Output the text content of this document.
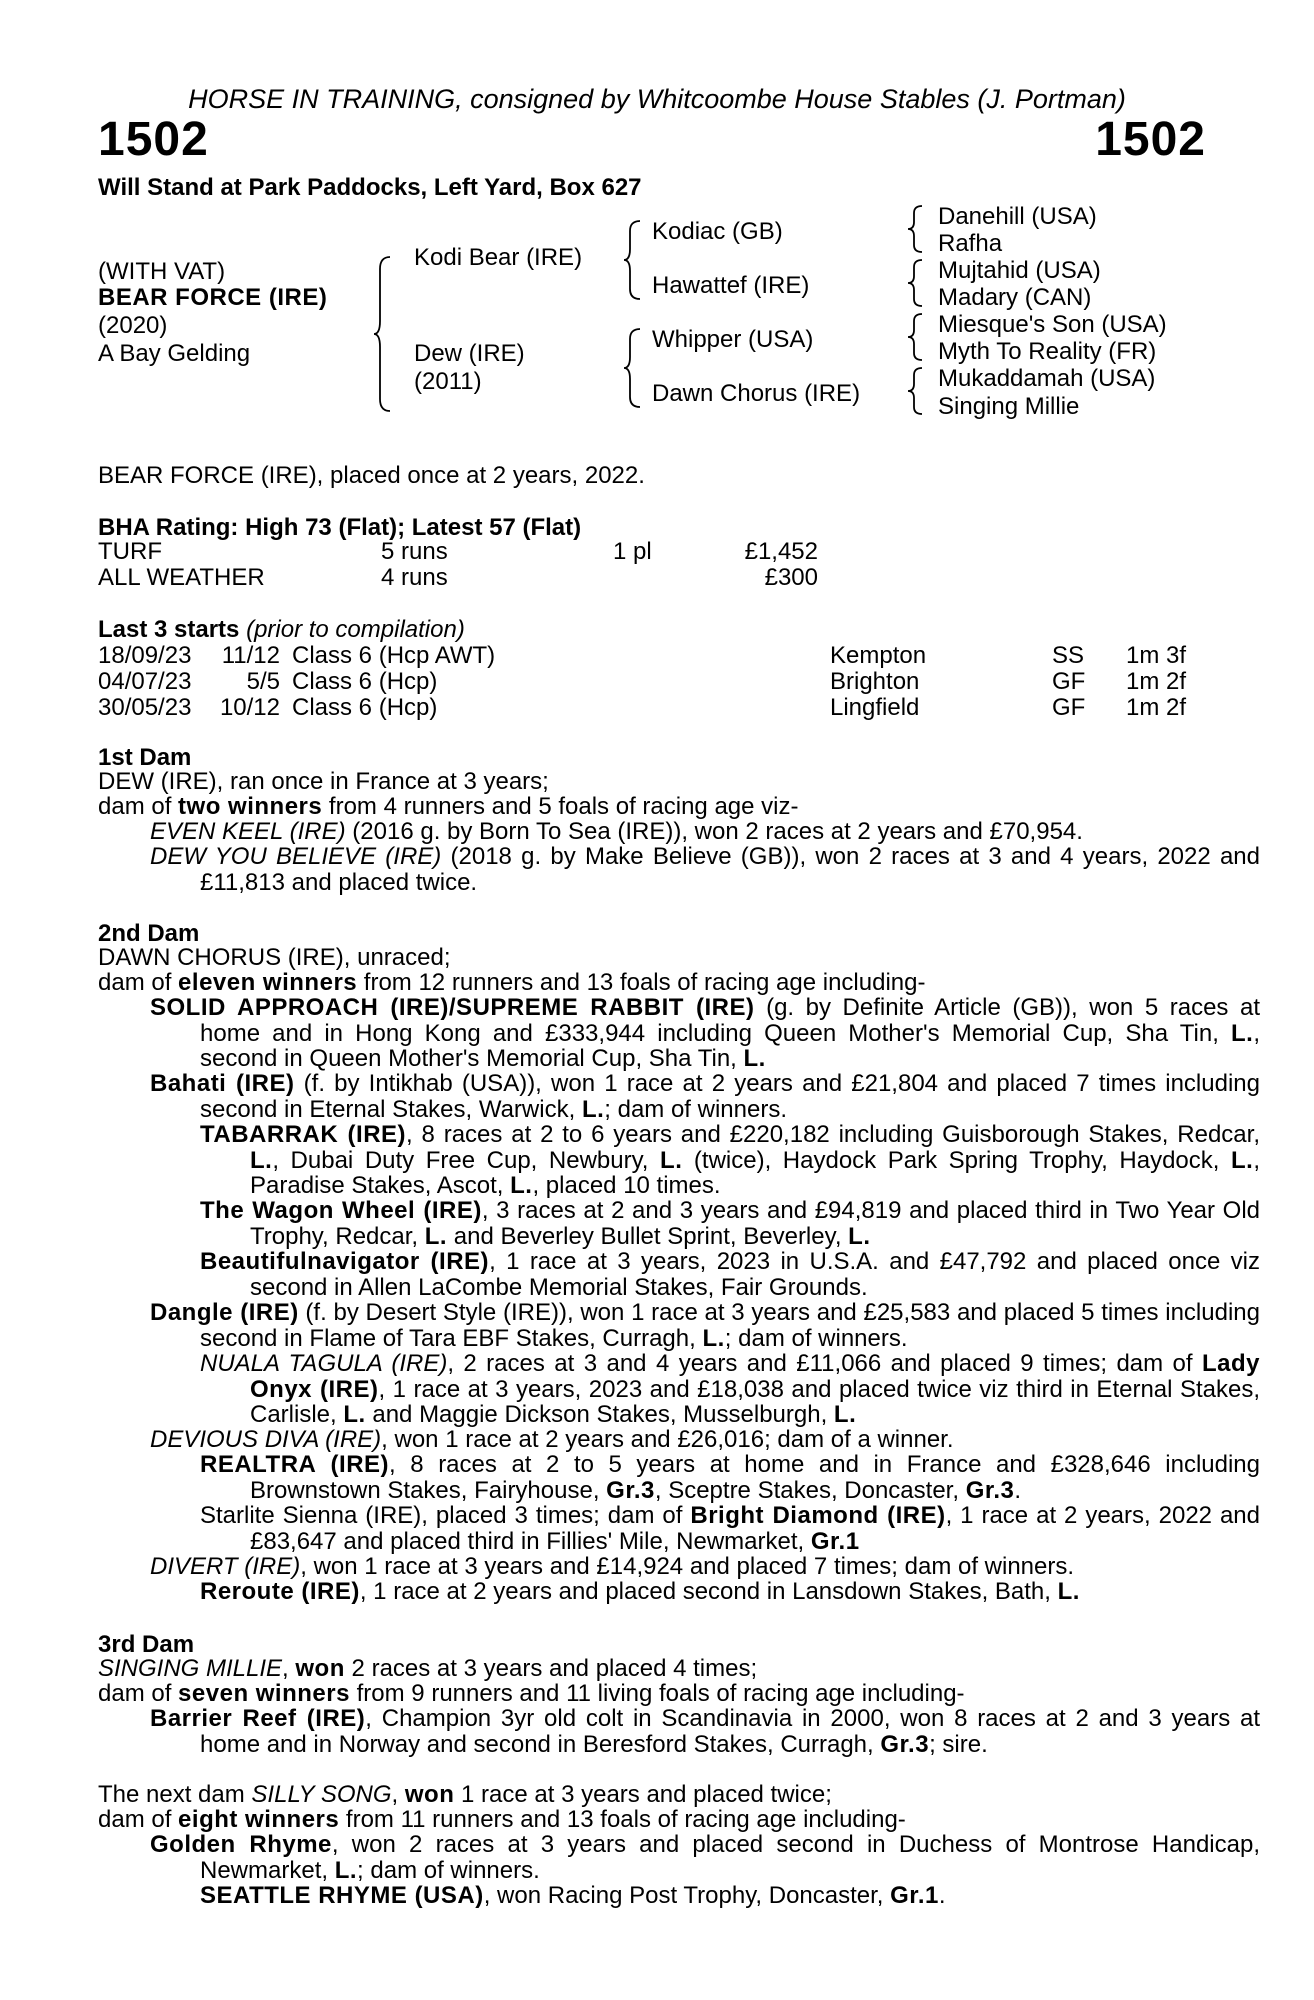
HORSE IN TRAINING, consigned by Whitcoombe House Stables (J. Portman)
1502	1502
Will Stand at Park Paddocks, Left Yard, Box 627
(WITH VAT)
BEAR FORCE (IRE)
(2020)
A Bay Gelding
Kodi Bear (IRE)
Dew (IRE)
(2011)
Kodiac (GB)
Hawattef (IRE)
Whipper (USA)
Dawn Chorus (IRE)
Danehill (USA)
Rafha
Mujtahid (USA)
Madary (CAN)
Miesque's Son (USA)
Myth To Reality (FR)
Mukaddamah (USA)
Singing Millie
BEAR FORCE (IRE), placed once at 2 years, 2022.
BHA Rating: High 73 (Flat); Latest 57 (Flat)
TURF	5 runs	1 pl	£1,452
ALL WEATHER	4 runs		£300
Last 3 starts (prior to compilation)
18/09/23	11/12	Class 6 (Hcp AWT)	Kempton	SS	1m 3f
04/07/23	5/5	Class 6 (Hcp)	Brighton	GF	1m 2f
30/05/23	10/12	Class 6 (Hcp)	Lingfield	GF	1m 2f
1st Dam
DEW (IRE), ran once in France at 3 years;
dam of two winners from 4 runners and 5 foals of racing age viz-
EVEN KEEL (IRE) (2016 g. by Born To Sea (IRE)), won 2 races at 2 years and £70,954.
DEW YOU BELIEVE (IRE) (2018 g. by Make Believe (GB)), won 2 races at 3 and 4 years, 2022 and £11,813 and placed twice.
2nd Dam
DAWN CHORUS (IRE), unraced;
dam of eleven winners from 12 runners and 13 foals of racing age including-
SOLID APPROACH (IRE)/SUPREME RABBIT (IRE) (g. by Definite Article (GB)), won 5 races at home and in Hong Kong and £333,944 including Queen Mother's Memorial Cup, Sha Tin, L., second in Queen Mother's Memorial Cup, Sha Tin, L.
Bahati (IRE) (f. by Intikhab (USA)), won 1 race at 2 years and £21,804 and placed 7 times including second in Eternal Stakes, Warwick, L.; dam of winners.
TABARRAK (IRE), 8 races at 2 to 6 years and £220,182 including Guisborough Stakes, Redcar, L., Dubai Duty Free Cup, Newbury, L. (twice), Haydock Park Spring Trophy, Haydock, L., Paradise Stakes, Ascot, L., placed 10 times.
The Wagon Wheel (IRE), 3 races at 2 and 3 years and £94,819 and placed third in Two Year Old Trophy, Redcar, L. and Beverley Bullet Sprint, Beverley, L.
Beautifulnavigator (IRE), 1 race at 3 years, 2023 in U.S.A. and £47,792 and placed once viz second in Allen LaCombe Memorial Stakes, Fair Grounds.
Dangle (IRE) (f. by Desert Style (IRE)), won 1 race at 3 years and £25,583 and placed 5 times including second in Flame of Tara EBF Stakes, Curragh, L.; dam of winners.
NUALA TAGULA (IRE), 2 races at 3 and 4 years and £11,066 and placed 9 times; dam of Lady Onyx (IRE), 1 race at 3 years, 2023 and £18,038 and placed twice viz third in Eternal Stakes, Carlisle, L. and Maggie Dickson Stakes, Musselburgh, L.
DEVIOUS DIVA (IRE), won 1 race at 2 years and £26,016; dam of a winner.
REALTRA (IRE), 8 races at 2 to 5 years at home and in France and £328,646 including Brownstown Stakes, Fairyhouse, Gr.3, Sceptre Stakes, Doncaster, Gr.3.
Starlite Sienna (IRE), placed 3 times; dam of Bright Diamond (IRE), 1 race at 2 years, 2022 and £83,647 and placed third in Fillies' Mile, Newmarket, Gr.1
DIVERT (IRE), won 1 race at 3 years and £14,924 and placed 7 times; dam of winners.
Reroute (IRE), 1 race at 2 years and placed second in Lansdown Stakes, Bath, L.
3rd Dam
SINGING MILLIE, won 2 races at 3 years and placed 4 times;
dam of seven winners from 9 runners and 11 living foals of racing age including-
Barrier Reef (IRE), Champion 3yr old colt in Scandinavia in 2000, won 8 races at 2 and 3 years at home and in Norway and second in Beresford Stakes, Curragh, Gr.3; sire.
The next dam SILLY SONG, won 1 race at 3 years and placed twice;
dam of eight winners from 11 runners and 13 foals of racing age including-
Golden Rhyme, won 2 races at 3 years and placed second in Duchess of Montrose Handicap, Newmarket, L.; dam of winners.
SEATTLE RHYME (USA), won Racing Post Trophy, Doncaster, Gr.1.
